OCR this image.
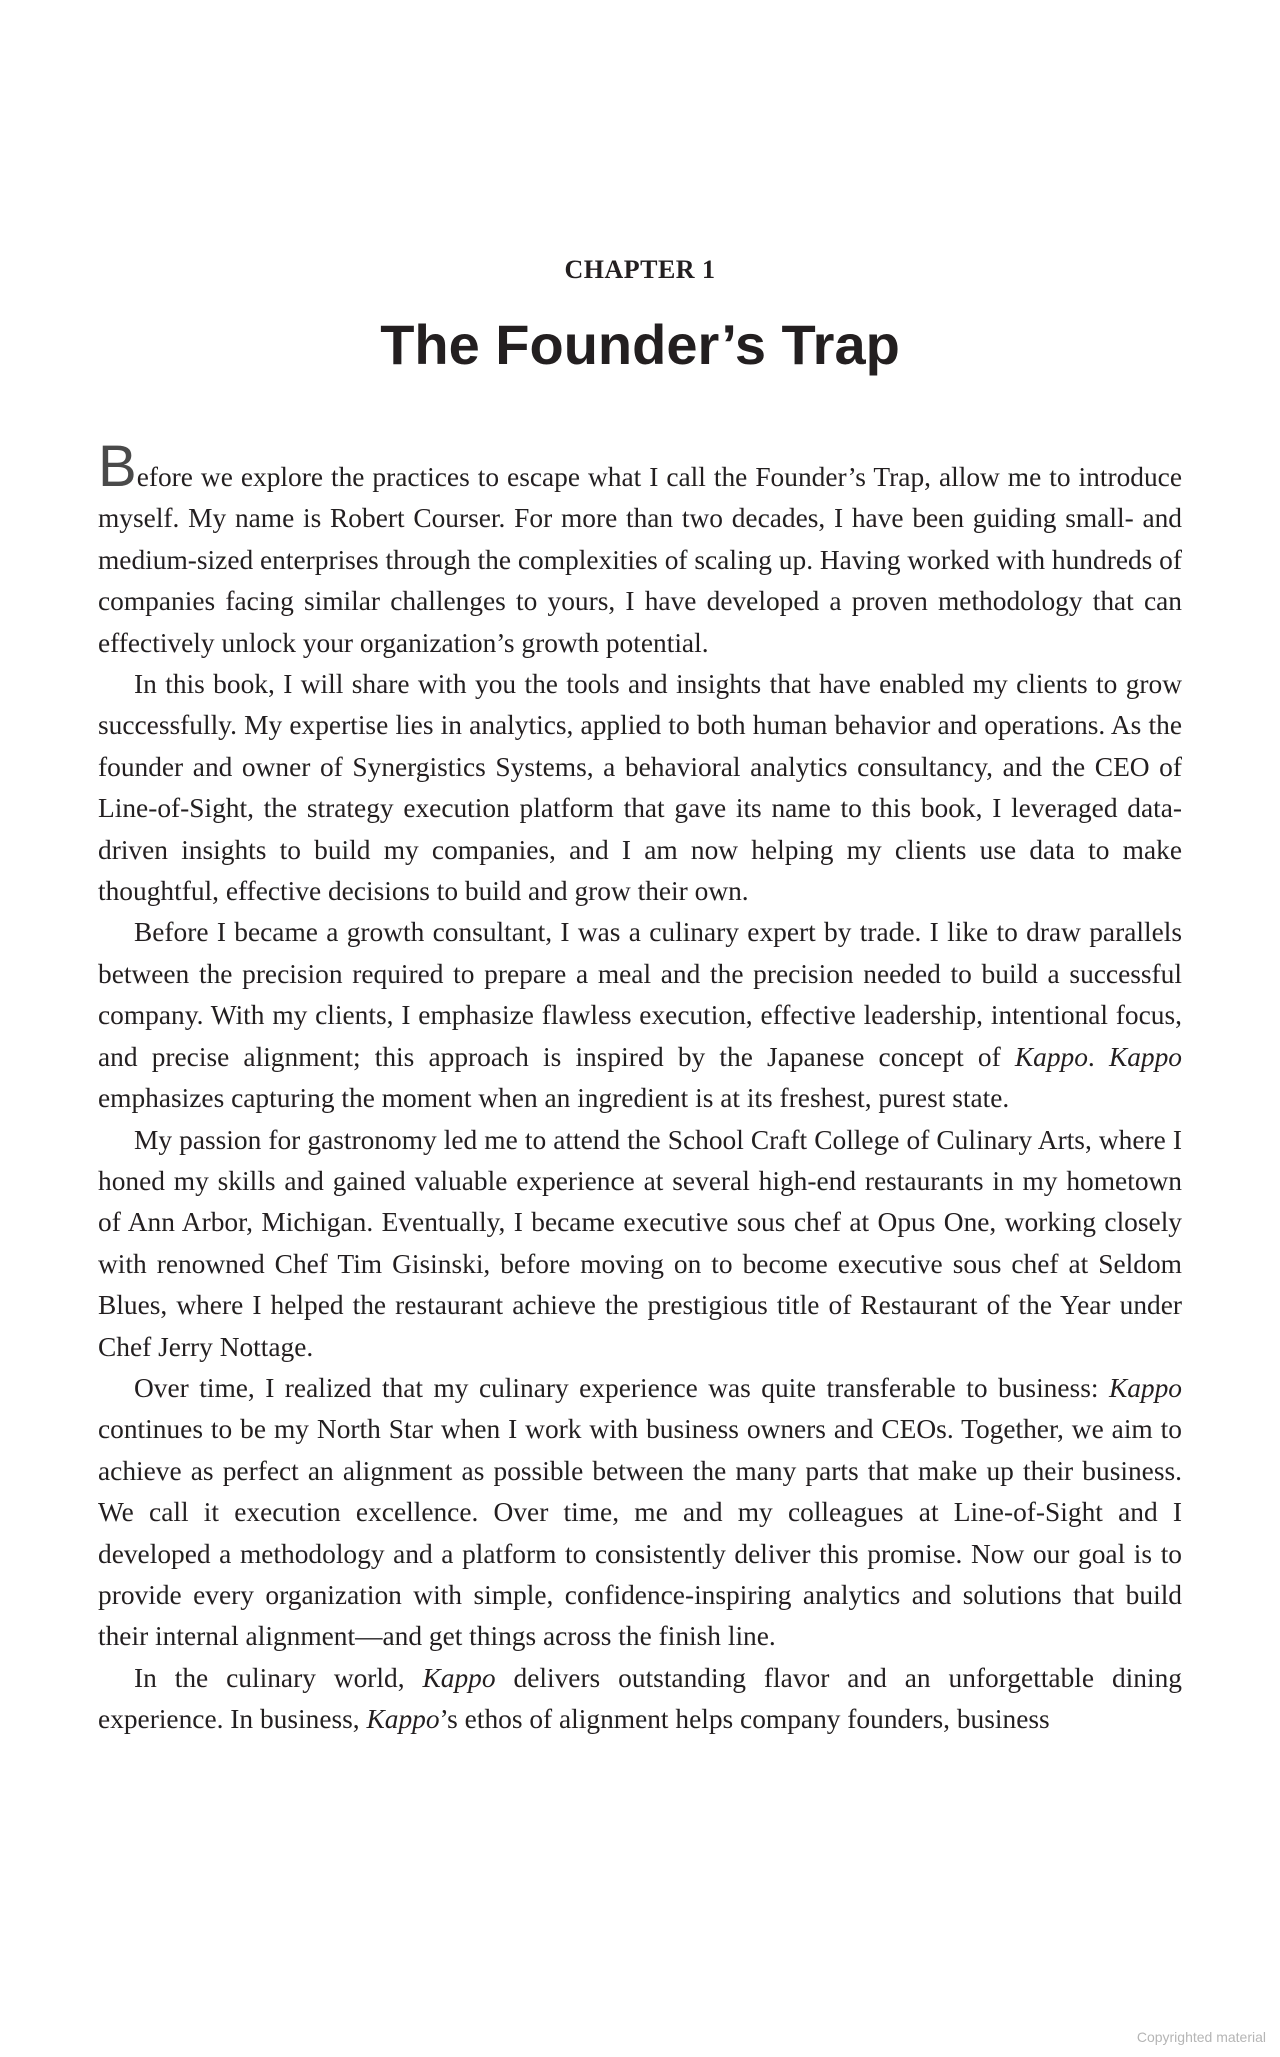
CHAPTER 1
The Founder’s Trap

Before we explore the practices to escape what I call the Founder’s Trap, allow me to introduce myself. My name is Robert Courser. For more than two decades, I have been guiding small- and medium-sized enterprises through the complexities of scaling up. Having worked with hundreds of companies facing similar challenges to yours, I have developed a proven methodology that can effectively unlock your organization’s growth potential.

In this book, I will share with you the tools and insights that have enabled my clients to grow successfully. My expertise lies in analytics, applied to both human behavior and operations. As the founder and owner of Synergistics Systems, a behavioral analytics consultancy, and the CEO of Line-of-Sight, the strategy execution platform that gave its name to this book, I leveraged data-driven insights to build my companies, and I am now helping my clients use data to make thoughtful, effective decisions to build and grow their own.

Before I became a growth consultant, I was a culinary expert by trade. I like to draw parallels between the precision required to prepare a meal and the precision needed to build a successful company. With my clients, I emphasize flawless execution, effective leadership, intentional focus, and precise alignment; this approach is inspired by the Japanese concept of Kappo. Kappo emphasizes capturing the moment when an ingredient is at its freshest, purest state.

My passion for gastronomy led me to attend the School Craft College of Culinary Arts, where I honed my skills and gained valuable experience at several high-end restaurants in my hometown of Ann Arbor, Michigan. Eventually, I became executive sous chef at Opus One, working closely with renowned Chef Tim Gisinski, before moving on to become executive sous chef at Seldom Blues, where I helped the restaurant achieve the prestigious title of Restaurant of the Year under Chef Jerry Nottage.

Over time, I realized that my culinary experience was quite transferable to business: Kappo continues to be my North Star when I work with business owners and CEOs. Together, we aim to achieve as perfect an alignment as possible between the many parts that make up their business. We call it execution excellence. Over time, me and my colleagues at Line-of-Sight and I developed a methodology and a platform to consistently deliver this promise. Now our goal is to provide every organization with simple, confidence-inspiring analytics and solutions that build their internal alignment—and get things across the finish line.

In the culinary world, Kappo delivers outstanding flavor and an unforgettable dining experience. In business, Kappo’s ethos of alignment helps company founders, business

Copyrighted material
